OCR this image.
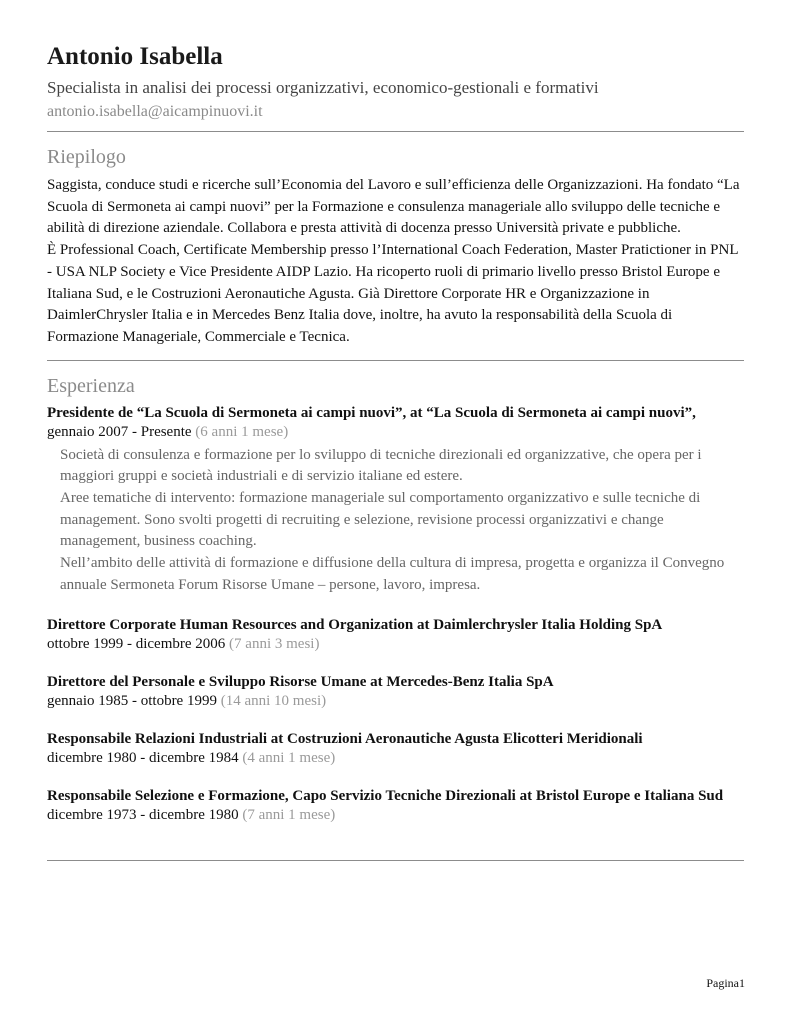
Antonio Isabella
Specialista in analisi dei processi organizzativi, economico-gestionali e formativi
antonio.isabella@aicampinuovi.it
Riepilogo

Saggista, conduce studi e ricerche sull’Economia del Lavoro e sull’efficienza delle Organizzazioni. Ha fondato “La Scuola di Sermoneta ai campi nuovi” per la Formazione e consulenza manageriale allo sviluppo delle tecniche e abilità di direzione aziendale. Collabora e presta attività di docenza presso Università private e pubbliche.

È Professional Coach, Certificate Membership presso l’International Coach Federation, Master Pratictioner in PNL - USA NLP Society e Vice Presidente AIDP Lazio. Ha ricoperto ruoli di primario livello presso Bristol Europe e Italiana Sud, e le Costruzioni Aeronautiche Agusta. Già Direttore Corporate HR e Organizzazione in DaimlerChrysler Italia e in Mercedes Benz Italia dove, inoltre, ha avuto la responsabilità della Scuola di Formazione Manageriale, Commerciale e Tecnica.

Esperienza
Presidente de “La Scuola di Sermoneta ai campi nuovi”, at “La Scuola di Sermoneta ai campi nuovi”,
gennaio 2007 - Presente (6 anni 1 mese)

Società di consulenza e formazione per lo sviluppo di tecniche direzionali ed organizzative, che opera per i maggiori gruppi e società industriali e di servizio italiane ed estere.

Aree tematiche di intervento: formazione manageriale sul comportamento organizzativo e sulle tecniche di management. Sono svolti progetti di recruiting e selezione, revisione processi organizzativi e change management, business coaching.

Nell’ambito delle attività di formazione e diffusione della cultura di impresa, progetta e organizza il Convegno annuale Sermoneta Forum Risorse Umane – persone, lavoro, impresa.

Direttore Corporate Human Resources and Organization at Daimlerchrysler Italia Holding SpA
ottobre 1999 - dicembre 2006 (7 anni 3 mesi)
Direttore del Personale e Sviluppo Risorse Umane at Mercedes-Benz Italia SpA
gennaio 1985 - ottobre 1999 (14 anni 10 mesi)
Responsabile Relazioni Industriali at Costruzioni Aeronautiche Agusta Elicotteri Meridionali
dicembre 1980 - dicembre 1984 (4 anni 1 mese)
Responsabile Selezione e Formazione, Capo Servizio Tecniche Direzionali at Bristol Europe e Italiana Sud
dicembre 1973 - dicembre 1980 (7 anni 1 mese)
Pagina1
